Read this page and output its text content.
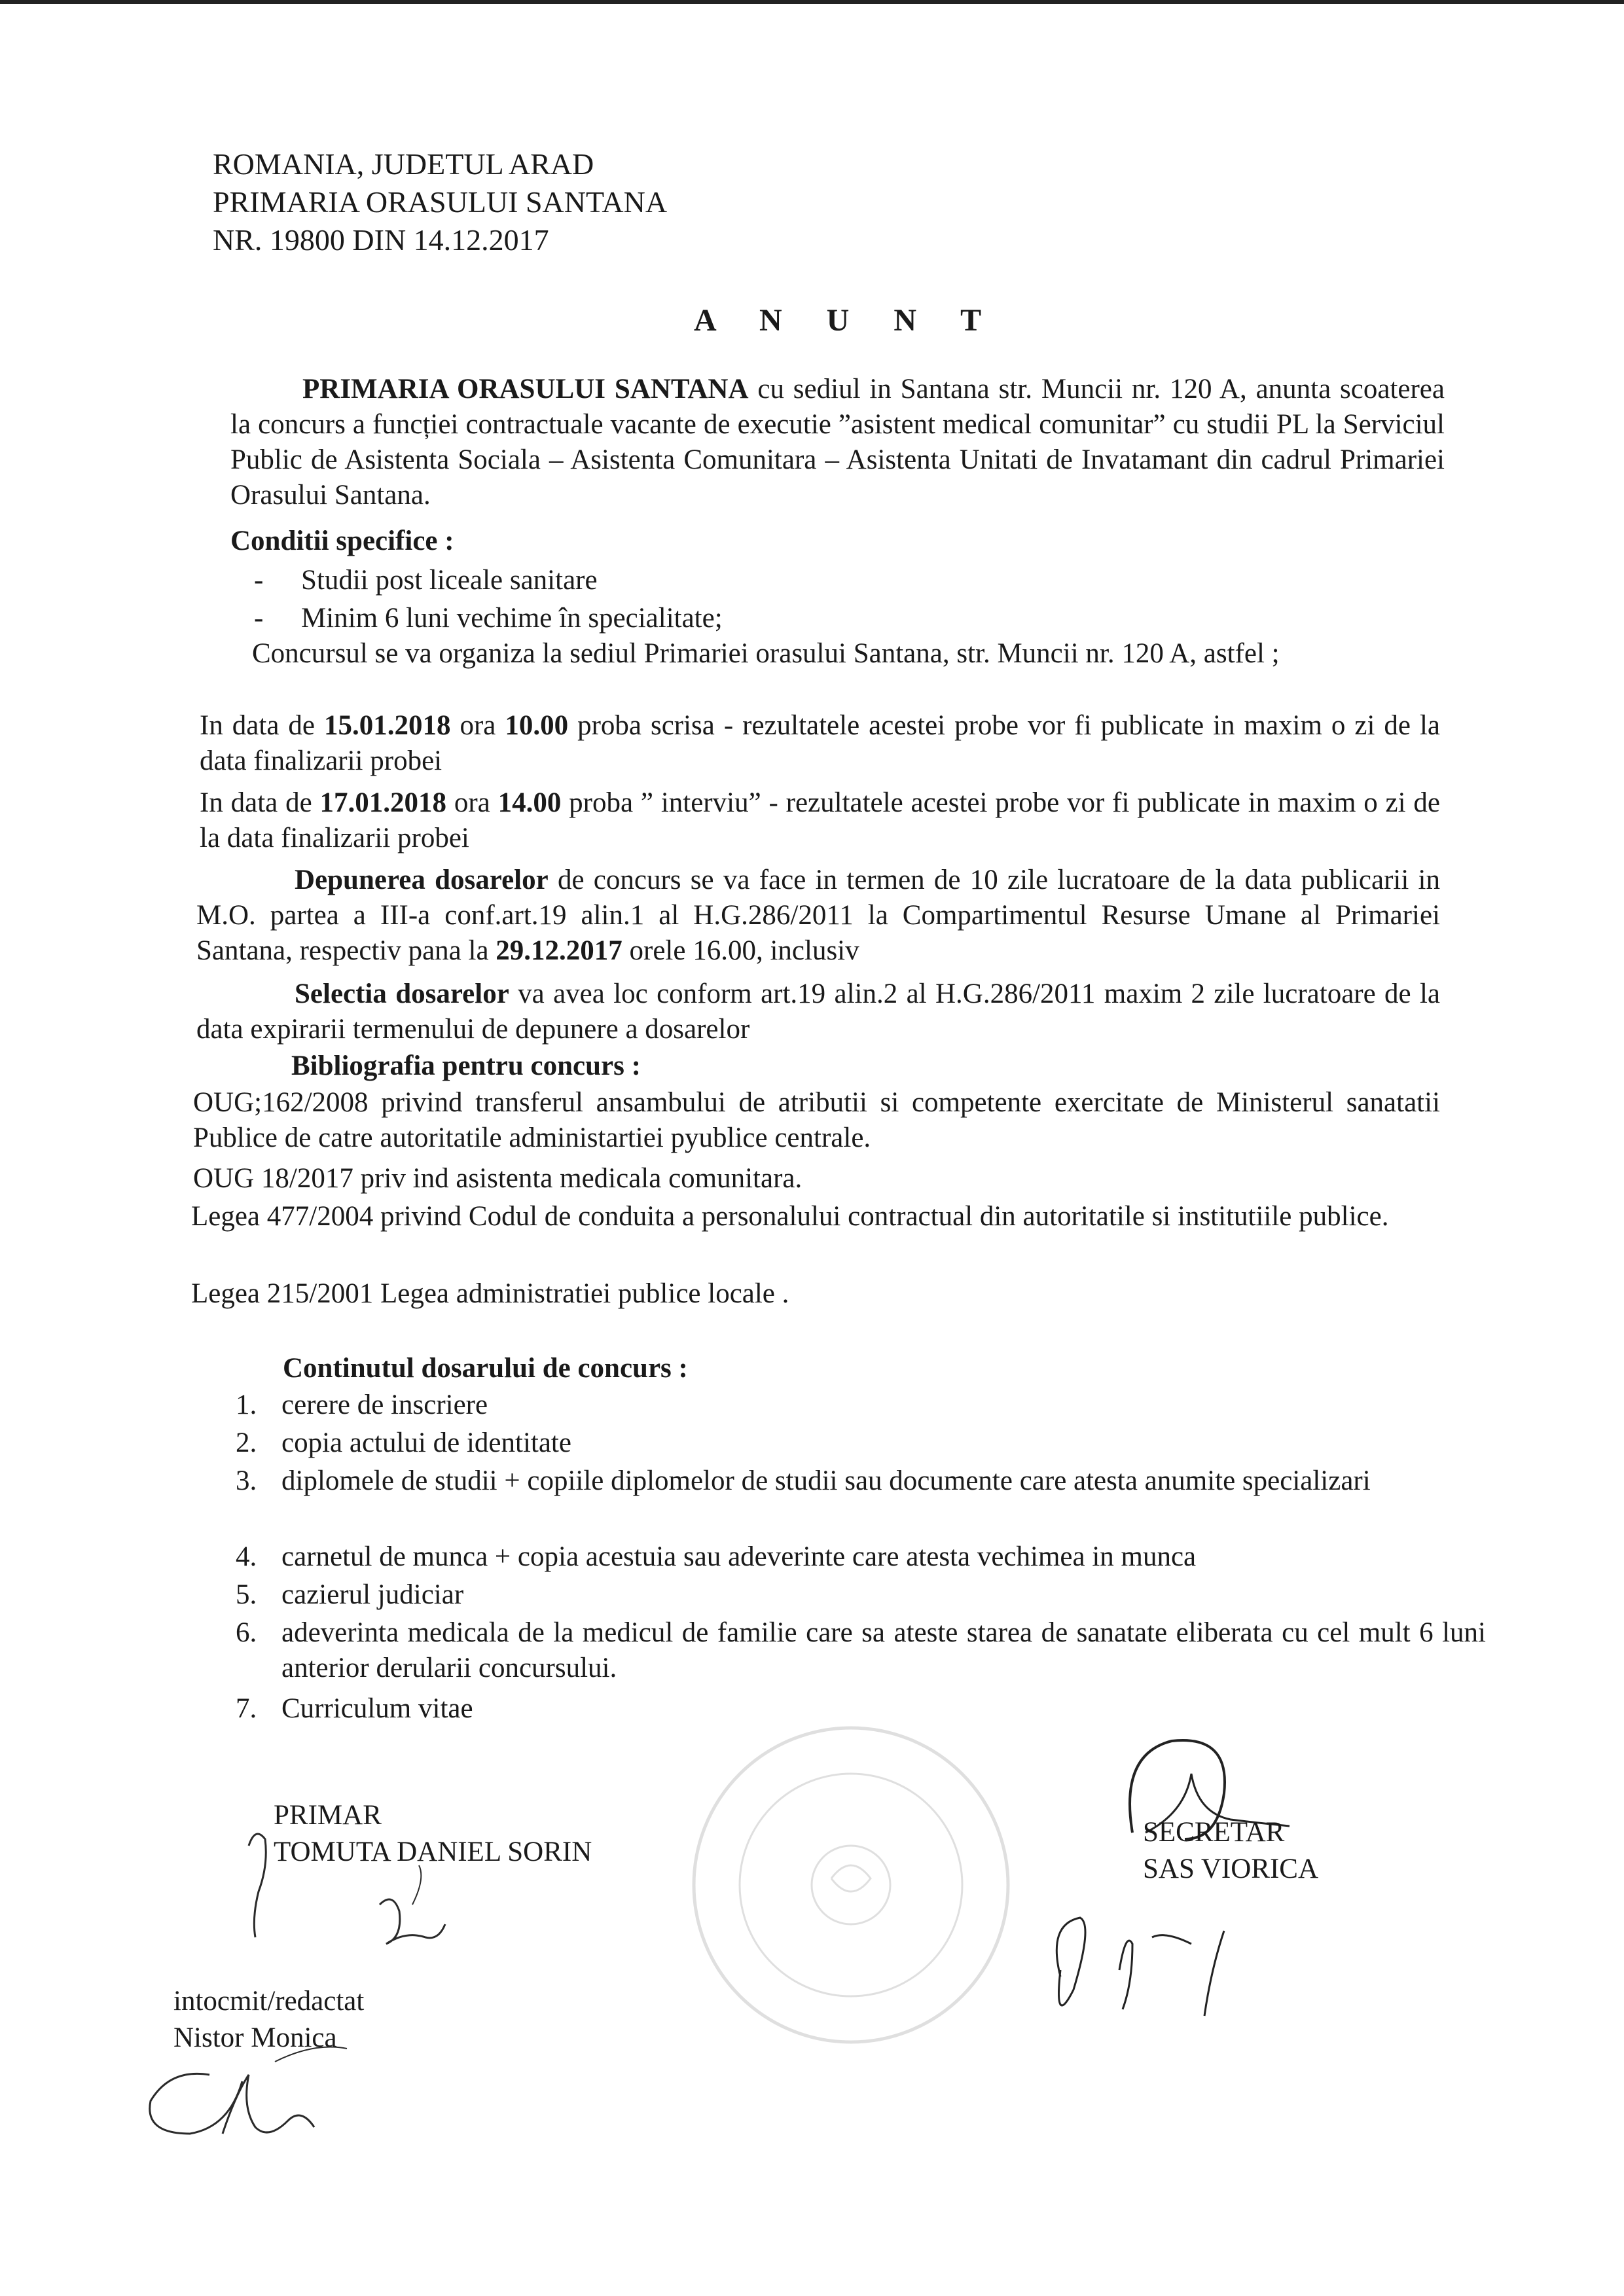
ROMANIA, JUDETUL ARAD
PRIMARIA ORASULUI SANTANA
NR. 19800 DIN 14.12.2017
A N U N T
PRIMARIA ORASULUI SANTANA cu sediul in Santana str. Muncii nr. 120 A, anunta scoaterea la concurs a funcției contractuale vacante de executie ”asistent medical comunitar” cu studii PL la Serviciul Public de Asistenta Sociala – Asistenta Comunitara – Asistenta Unitati de Invatamant din cadrul Primariei Orasului Santana.
Conditii specifice :
- Studii post liceale sanitare
- Minim 6 luni vechime în specialitate;
Concursul se va organiza la sediul Primariei orasului Santana, str. Muncii nr. 120 A, astfel ;
In data de 15.01.2018 ora 10.00 proba scrisa - rezultatele acestei probe vor fi publicate in maxim o zi de la data finalizarii probei
In data de 17.01.2018 ora 14.00 proba ” interviu” - rezultatele acestei probe vor fi publicate in maxim o zi de la data finalizarii probei
Depunerea dosarelor de concurs se va face in termen de 10 zile lucratoare de la data publicarii in M.O. partea a III-a conf.art.19 alin.1 al H.G.286/2011 la Compartimentul Resurse Umane al Primariei Santana, respectiv pana la 29.12.2017 orele 16.00, inclusiv
Selectia dosarelor va avea loc conform art.19 alin.2 al H.G.286/2011 maxim 2 zile lucratoare de la data expirarii termenului de depunere a dosarelor
Bibliografia pentru concurs :
OUG;162/2008 privind transferul ansambului de atributii si competente exercitate de Ministerul sanatatii Publice de catre autoritatile administartiei pyublice centrale.
OUG 18/2017 priv ind asistenta medicala comunitara.
Legea 477/2004 privind Codul de conduita a personalului contractual din autoritatile si institutiile publice.
Legea 215/2001 Legea administratiei publice locale .
Continutul dosarului de concurs :
1. cerere de inscriere
2. copia actului de identitate
3. diplomele de studii + copiile diplomelor de studii sau documente care atesta anumite specializari
4. carnetul de munca + copia acestuia sau adeverinte care atesta vechimea in munca
5. cazierul judiciar
6. adeverinta medicala de la medicul de familie care sa ateste starea de sanatate eliberata cu cel mult 6 luni anterior derularii concursului.
7. Curriculum vitae
PRIMAR
TOMUTA DANIEL SORIN
SECRETAR
SAS VIORICA
intocmit/redactat
Nistor Monica
